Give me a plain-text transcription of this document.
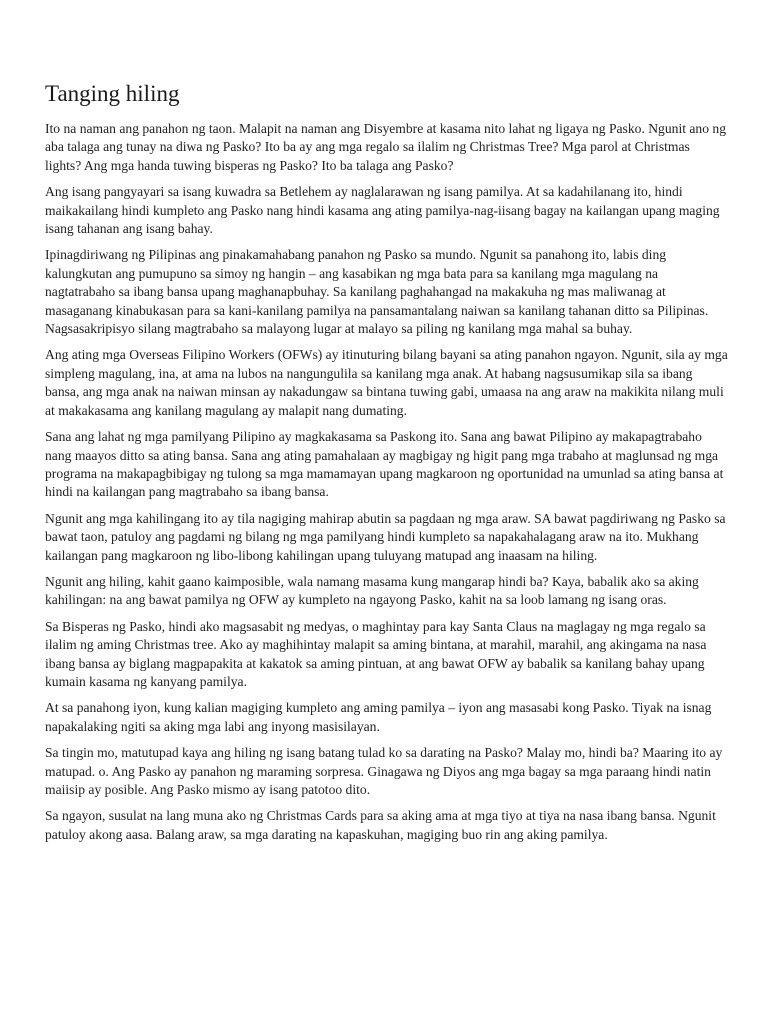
Tanging hiling

Ito na naman ang panahon ng taon. Malapit na naman ang Disyembre at kasama nito lahat ng ligaya ng Pasko. Ngunit ano ng aba talaga ang tunay na diwa ng Pasko? Ito ba ay ang mga regalo sa ilalim ng Christmas Tree? Mga parol at Christmas lights? Ang mga handa tuwing bisperas ng Pasko? Ito ba talaga ang Pasko?

Ang isang pangyayari sa isang kuwadra sa Betlehem ay naglalarawan ng isang pamilya. At sa kadahilanang ito, hindi maikakailang hindi kumpleto ang Pasko nang hindi kasama ang ating pamilya-nag-iisang bagay na kailangan upang maging isang tahanan ang isang bahay.

Ipinagdiriwang ng Pilipinas ang pinakamahabang panahon ng Pasko sa mundo. Ngunit sa panahong ito, labis ding kalungkutan ang pumupuno sa simoy ng hangin – ang kasabikan ng mga bata para sa kanilang mga magulang na nagtatrabaho sa ibang bansa upang maghanapbuhay. Sa kanilang paghahangad na makakuha ng mas maliwanag at masaganang kinabukasan para sa kani-kanilang pamilya na pansamantalang naiwan sa kanilang tahanan ditto sa Pilipinas. Nagsasakripisyo silang magtrabaho sa malayong lugar at malayo sa piling ng kanilang mga mahal sa buhay.

Ang ating mga Overseas Filipino Workers (OFWs) ay itinuturing bilang bayani sa ating panahon ngayon. Ngunit, sila ay mga simpleng magulang, ina, at ama na lubos na nangungulila sa kanilang mga anak. At habang nagsusumikap sila sa ibang bansa, ang mga anak na naiwan minsan ay nakadungaw sa bintana tuwing gabi, umaasa na ang araw na makikita nilang muli at makakasama ang kanilang magulang ay malapit nang dumating.

Sana ang lahat ng mga pamilyang Pilipino ay magkakasama sa Paskong ito. Sana ang bawat Pilipino ay makapagtrabaho nang maayos ditto sa ating bansa. Sana ang ating pamahalaan ay magbigay ng higit pang mga trabaho at maglunsad ng mga programa na makapagbibigay ng tulong sa mga mamamayan upang magkaroon ng oportunidad na umunlad sa ating bansa at hindi na kailangan pang magtrabaho sa ibang bansa.

Ngunit ang mga kahilingang ito ay tila nagiging mahirap abutin sa pagdaan ng mga araw. SA bawat pagdiriwang ng Pasko sa bawat taon, patuloy ang pagdami ng bilang ng mga pamilyang hindi kumpleto sa napakahalagang araw na ito. Mukhang kailangan pang magkaroon ng libo-libong kahilingan upang tuluyang matupad ang inaasam na hiling.

Ngunit ang hiling, kahit gaano kaimposible, wala namang masama kung mangarap hindi ba? Kaya, babalik ako sa aking kahilingan: na ang bawat pamilya ng OFW ay kumpleto na ngayong Pasko, kahit na sa loob lamang ng isang oras.

Sa Bisperas ng Pasko, hindi ako magsasabit ng medyas, o maghintay para kay Santa Claus na maglagay ng mga regalo sa ilalim ng aming Christmas tree. Ako ay maghihintay malapit sa aming bintana, at marahil, marahil, ang akingama na nasa ibang bansa ay biglang magpapakita at kakatok sa aming pintuan, at ang bawat OFW ay babalik sa kanilang bahay upang kumain kasama ng kanyang pamilya.

At sa panahong iyon, kung kalian magiging kumpleto ang aming pamilya – iyon ang masasabi kong Pasko. Tiyak na isnag napakalaking ngiti sa aking mga labi ang inyong masisilayan.

Sa tingin mo, matutupad kaya ang hiling ng isang batang tulad ko sa darating na Pasko? Malay mo, hindi ba? Maaring ito ay matupad. o. Ang Pasko ay panahon ng maraming sorpresa. Ginagawa ng Diyos ang mga bagay sa mga paraang hindi natin maiisip ay posible. Ang Pasko mismo ay isang patotoo dito.

Sa ngayon, susulat na lang muna ako ng Christmas Cards para sa aking ama at mga tiyo at tiya na nasa ibang bansa. Ngunit patuloy akong aasa. Balang araw, sa mga darating na kapaskuhan, magiging buo rin ang aking pamilya.
